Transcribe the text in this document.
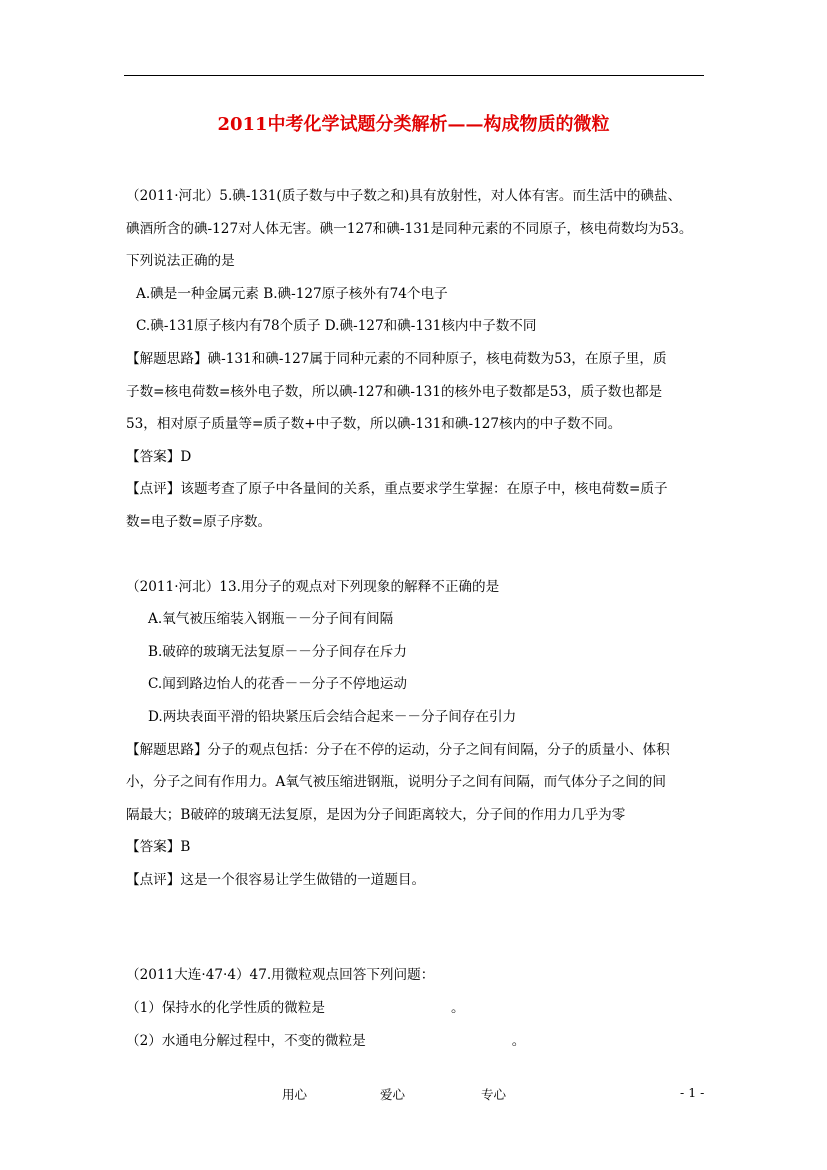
2011中考化学试题分类解析——构成物质的微粒
（2011·河北）5.碘-131(质子数与中子数之和)具有放射性，对人体有害。而生活中的碘盐、
碘酒所含的碘-127对人体无害。碘一127和碘-131是同种元素的不同原子，核电荷数均为53。
下列说法正确的是
A.碘是一种金属元素 B.碘-127原子核外有74个电子
C.碘-131原子核内有78个质子 D.碘-127和碘-131核内中子数不同
【解题思路】碘-131和碘-127属于同种元素的不同种原子，核电荷数为53，在原子里，质
子数=核电荷数=核外电子数，所以碘-127和碘-131的核外电子数都是53，质子数也都是
53，相对原子质量等=质子数+中子数，所以碘-131和碘-127核内的中子数不同。
【答案】D
【点评】该题考查了原子中各量间的关系，重点要求学生掌握：在原子中，核电荷数=质子
数=电子数=原子序数。
（2011·河北）13.用分子的观点对下列现象的解释不正确的是
A.氧气被压缩装入钢瓶－－分子间有间隔
B.破碎的玻璃无法复原－－分子间存在斥力
C.闻到路边怡人的花香－－分子不停地运动
D.两块表面平滑的铅块紧压后会结合起来－－分子间存在引力
【解题思路】分子的观点包括：分子在不停的运动，分子之间有间隔，分子的质量小、体积
小，分子之间有作用力。A氧气被压缩进钢瓶，说明分子之间有间隔，而气体分子之间的间
隔最大；B破碎的玻璃无法复原，是因为分子间距离较大，分子间的作用力几乎为零
【答案】B
【点评】这是一个很容易让学生做错的一道题目。
（2011大连·47·4）47.用微粒观点回答下列问题：
（1）保持水的化学性质的微粒是	。
（2）水通电分解过程中，不变的微粒是	。
用心	爱心	专心	- 1 -
